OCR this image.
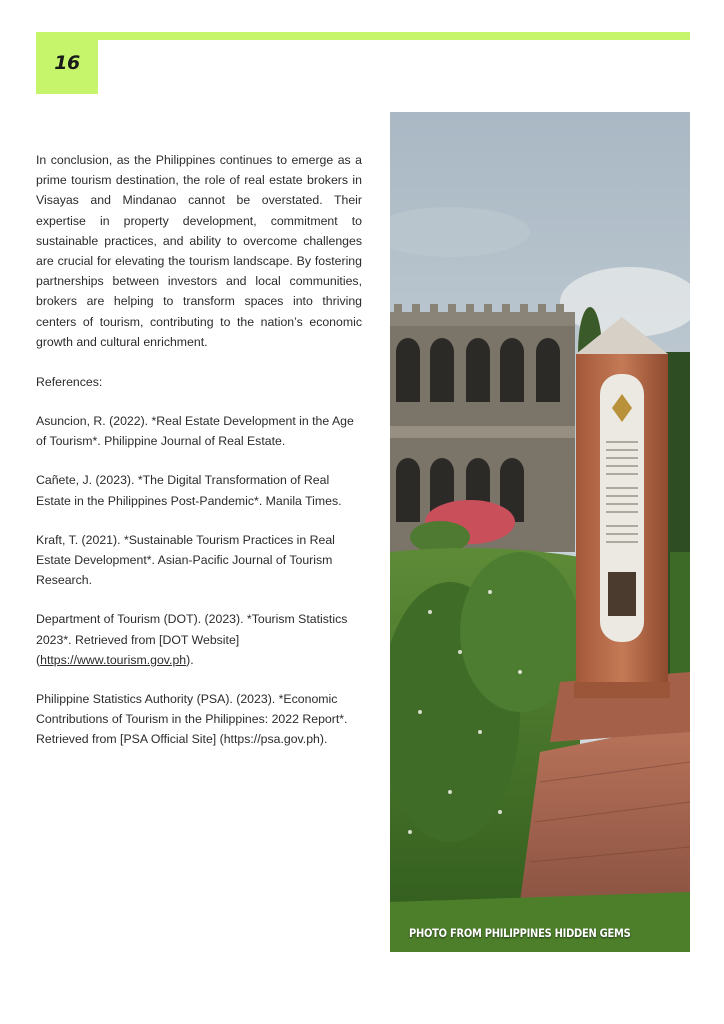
16

In conclusion, as the Philippines continues to emerge as a prime tourism destination, the role of real estate brokers in Visayas and Mindanao cannot be overstated. Their expertise in property development, commitment to sustainable practices, and ability to overcome challenges are crucial for elevating the tourism landscape. By fostering partnerships between investors and local communities, brokers are helping to transform spaces into thriving centers of tourism, contributing to the nation’s economic growth and cultural enrichment.

References:

Asuncion, R. (2022). *Real Estate Development in the Age of Tourism*. Philippine Journal of Real Estate.

Cañete, J. (2023). *The Digital Transformation of Real Estate in the Philippines Post-Pandemic*. Manila Times.

Kraft, T. (2021). *Sustainable Tourism Practices in Real Estate Development*. Asian-Pacific Journal of Tourism Research.

Department of Tourism (DOT). (2023). *Tourism Statistics 2023*. Retrieved from [DOT Website] (https://www.tourism.gov.ph).

Philippine Statistics Authority (PSA). (2023). *Economic Contributions of Tourism in the Philippines: 2022 Report*. Retrieved from [PSA Official Site] (https://psa.gov.ph).

PHOTO FROM PHILIPPINES HIDDEN GEMS
